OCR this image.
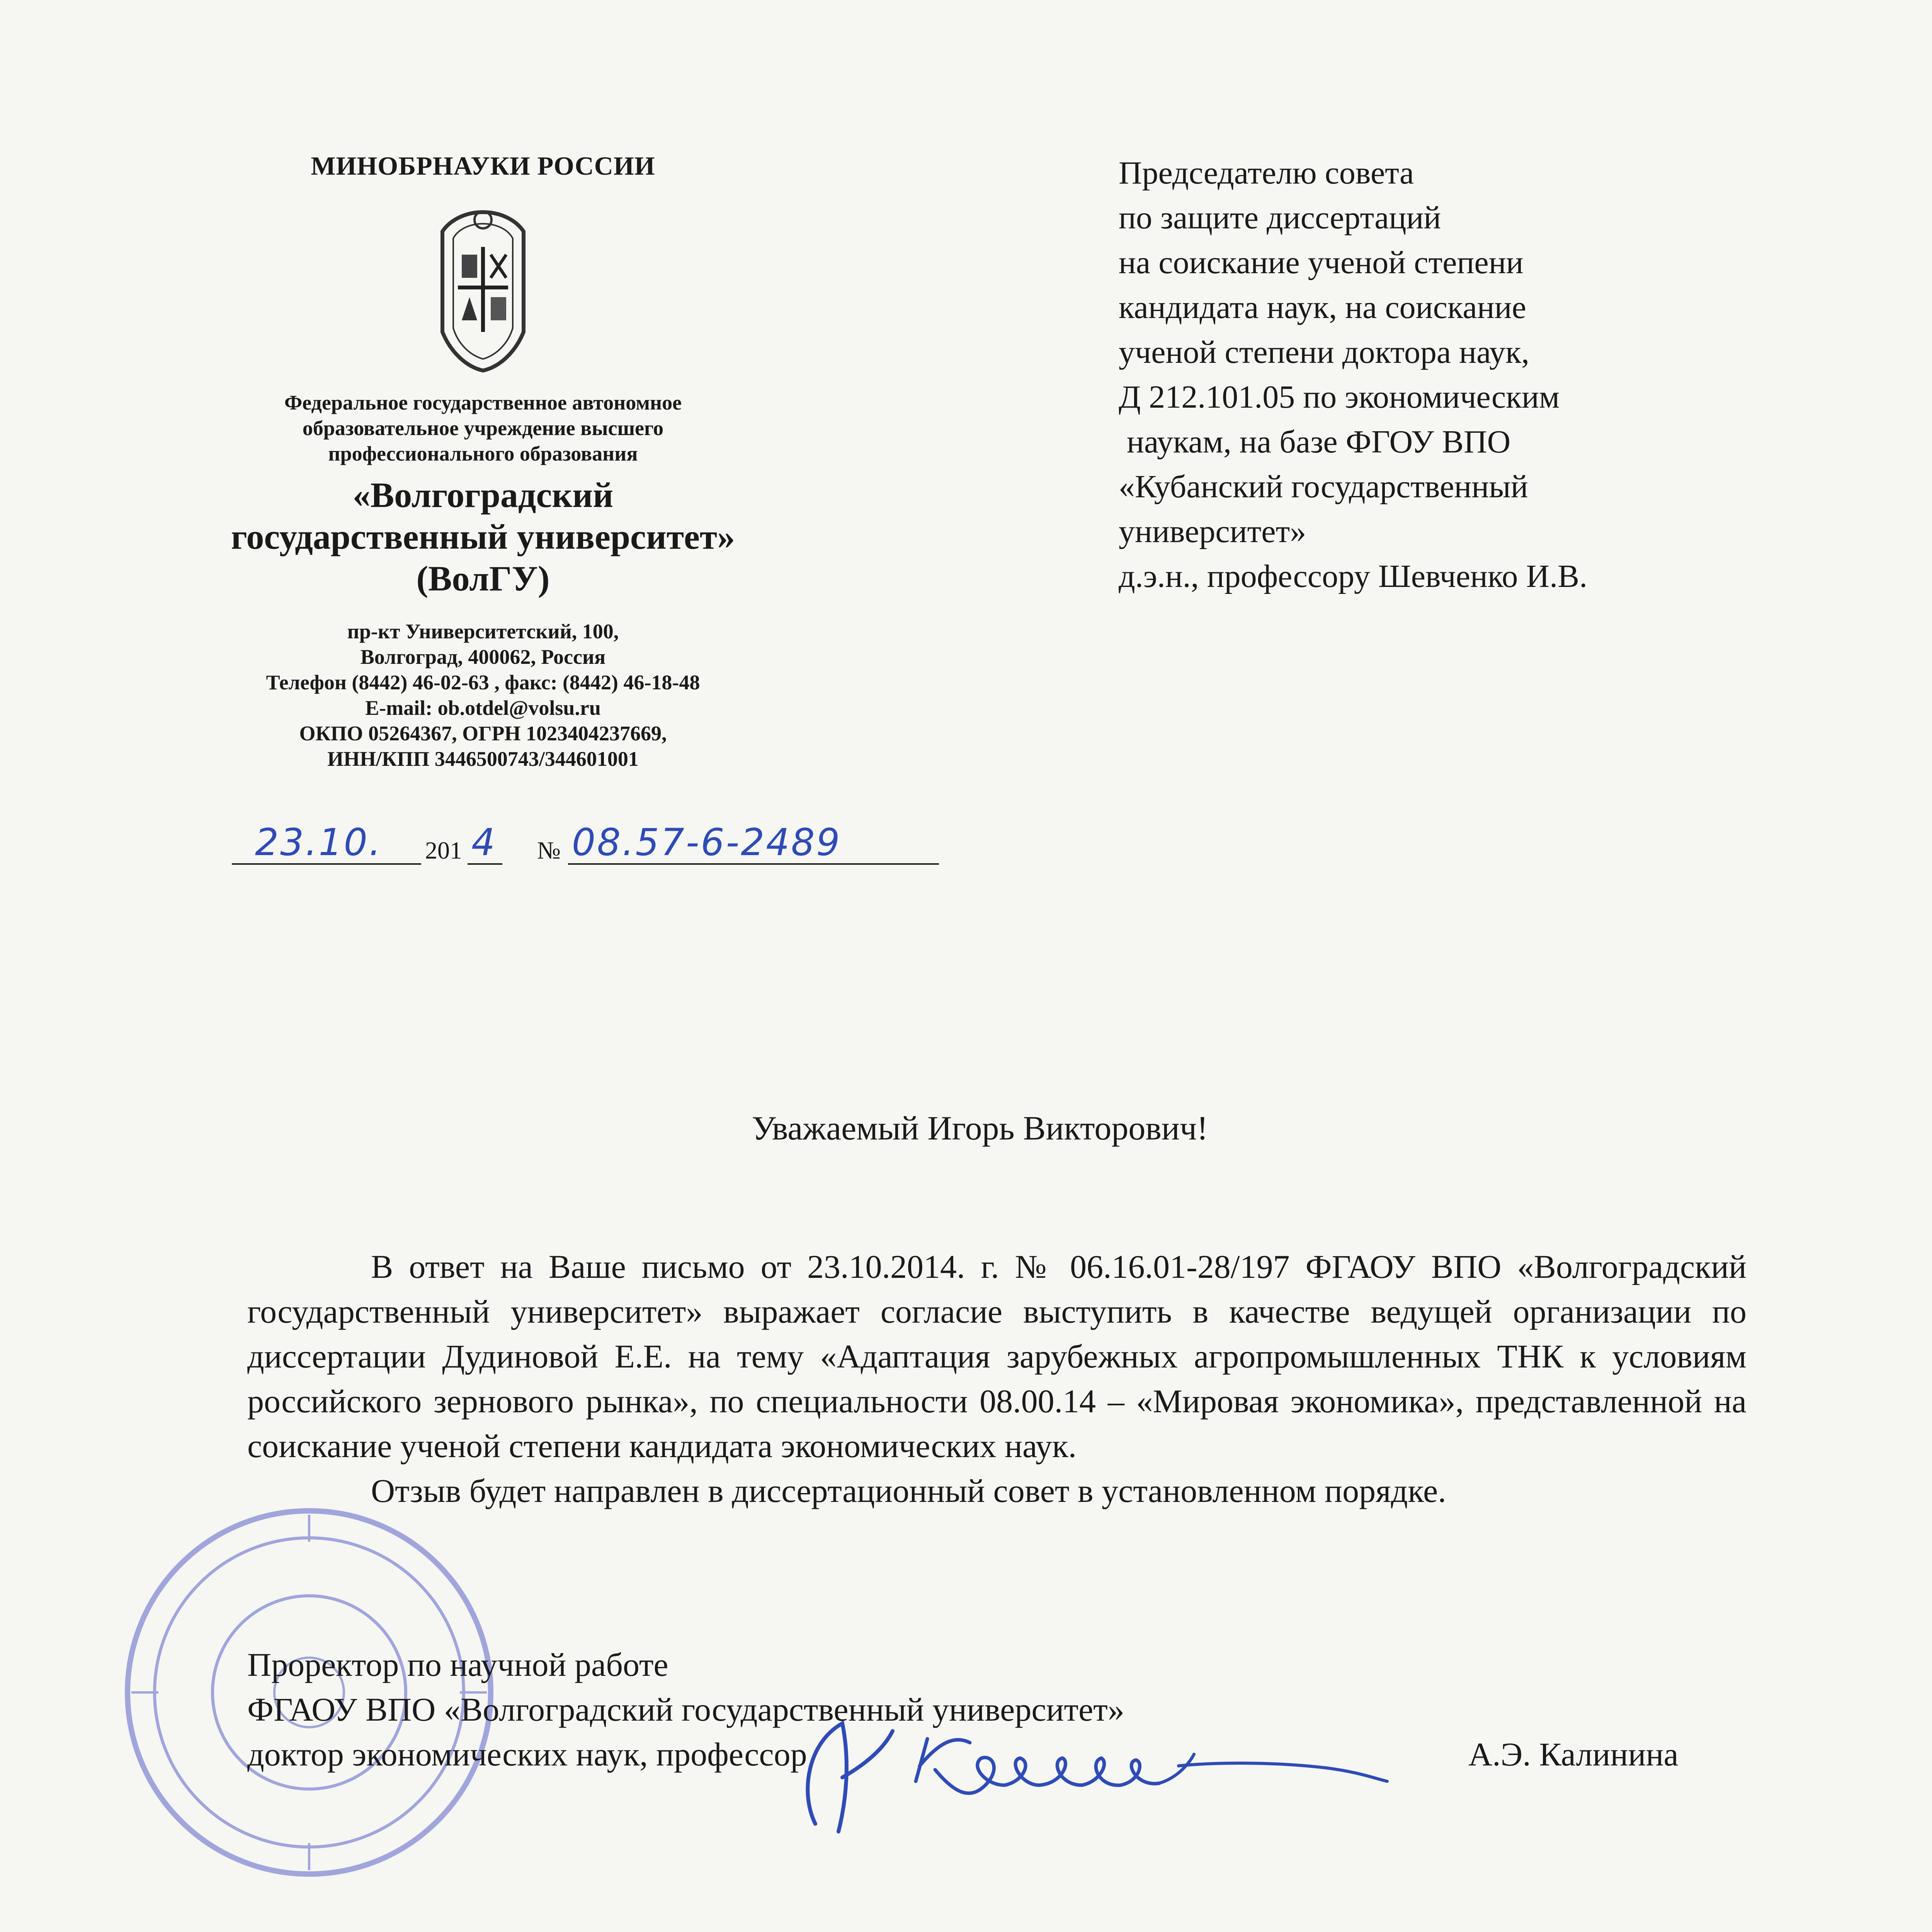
МИНОБРНАУКИ РОССИИ
Федеральное государственное автономное
образовательное учреждение высшего
профессионального образования
«Волгоградский
государственный университет»
(ВолГУ)
пр-кт Университетский, 100,
Волгоград, 400062, Россия
Телефон (8442) 46-02-63 , факс: (8442) 46-18-48
E-mail: ob.otdel@volsu.ru
ОКПО 05264367, ОГРН 1023404237669,
ИНН/КПП 3446500743/344601001
23.10. 201 4 № 08.57-6-2489
Председателю совета
по защите диссертаций
на соискание ученой степени
кандидата наук, на соискание
ученой степени доктора наук,
Д 212.101.05 по экономическим
наукам, на базе ФГОУ ВПО
«Кубанский государственный
университет»
д.э.н., профессору Шевченко И.В.
Уважаемый Игорь Викторович!

В ответ на Ваше письмо от 23.10.2014. г. № 06.16.01-28/197 ФГАОУ ВПО «Волгоградский государственный университет» выражает согласие выступить в качестве ведущей организации по диссертации Дудиновой Е.Е. на тему «Адаптация зарубежных агропромышленных ТНК к условиям российского зернового рынка», по специальности 08.00.14 – «Мировая экономика», представленной на соискание ученой степени кандидата экономических наук.

Отзыв будет направлен в диссертационный совет в установленном порядке.

Проректор по научной работе
ФГАОУ ВПО «Волгоградский государственный университет»
доктор экономических наук, профессор	А.Э. Калинина
